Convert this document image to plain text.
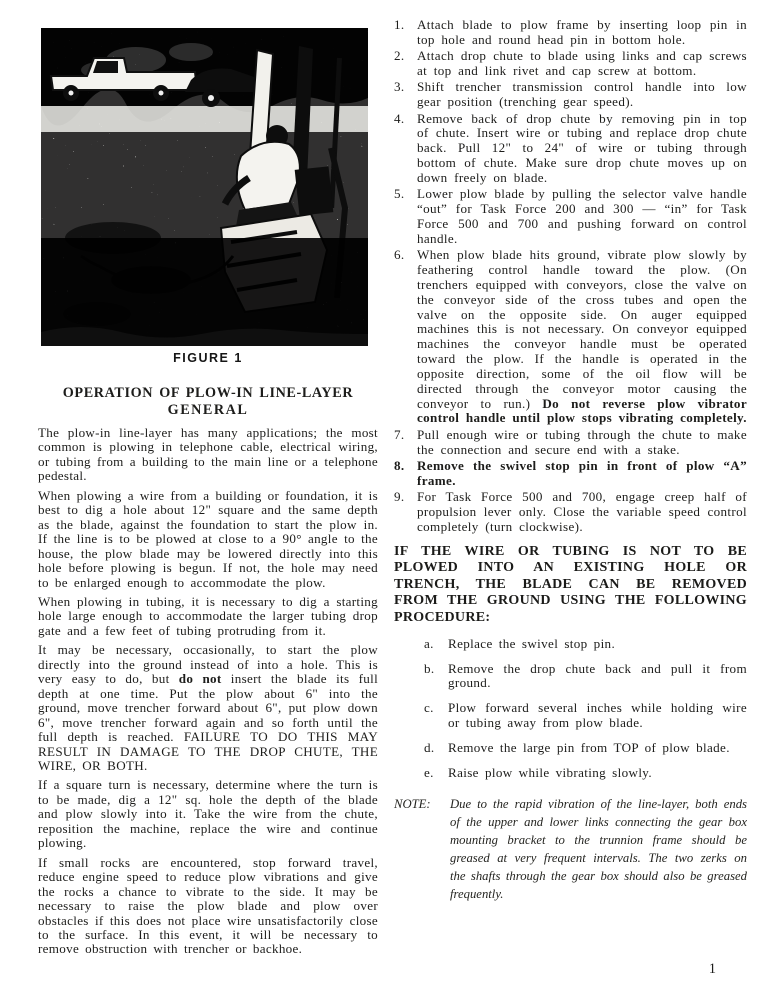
FIGURE 1
OPERATION OF PLOW-IN LINE-LAYER
GENERAL

The plow-in line-layer has many applications; the most common is plowing in telephone cable, electrical wiring, or tubing from a building to the main line or a telephone pedestal.

When plowing a wire from a building or foundation, it is best to dig a hole about 12" square and the same depth as the blade, against the foundation to start the plow in. If the line is to be plowed at close to a 90° angle to the house, the plow blade may be lowered directly into this hole before plowing is begun. If not, the hole may need to be enlarged enough to accommodate the plow.

When plowing in tubing, it is necessary to dig a starting hole large enough to accommodate the larger tubing drop gate and a few feet of tubing protruding from it.

It may be necessary, occasionally, to start the plow directly into the ground instead of into a hole. This is very easy to do, but do not insert the blade its full depth at one time. Put the plow about 6" into the ground, move trencher forward about 6", put plow down 6", move trencher forward again and so forth until the full depth is reached. FAILURE TO DO THIS MAY RESULT IN DAMAGE TO THE DROP CHUTE, THE WIRE, OR BOTH.

If a square turn is necessary, determine where the turn is to be made, dig a 12" sq. hole the depth of the blade and plow slowly into it. Take the wire from the chute, reposition the machine, replace the wire and continue plowing.

If small rocks are encountered, stop forward travel, reduce engine speed to reduce plow vibrations and give the rocks a chance to vibrate to the side. It may be necessary to raise the plow blade and plow over obstacles if this does not place wire unsatisfactorily close to the surface. In this event, it will be necessary to remove obstruction with trencher or backhoe.

1. Attach blade to plow frame by inserting loop pin in top hole and round head pin in bottom hole.
2. Attach drop chute to blade using links and cap screws at top and link rivet and cap screw at bottom.
3. Shift trencher transmission control handle into low gear position (trenching gear speed).
4. Remove back of drop chute by removing pin in top of chute. Insert wire or tubing and replace drop chute back. Pull 12" to 24" of wire or tubing through bottom of chute. Make sure drop chute moves up on down freely on blade.
5. Lower plow blade by pulling the selector valve handle “out” for Task Force 200 and 300 — “in” for Task Force 500 and 700 and pushing forward on control handle.
6. When plow blade hits ground, vibrate plow slowly by feathering control handle toward the plow. (On trenchers equipped with conveyors, close the valve on the conveyor side of the cross tubes and open the valve on the opposite side. On auger equipped machines this is not necessary. On conveyor equipped machines the conveyor handle must be operated toward the plow. If the handle is operated in the opposite direction, some of the oil flow will be directed through the conveyor motor causing the conveyor to run.) Do not reverse plow vibrator control handle until plow stops vibrating completely.
7. Pull enough wire or tubing through the chute to make the connection and secure end with a stake.
8. Remove the swivel stop pin in front of plow “A” frame.
9. For Task Force 500 and 700, engage creep half of propulsion lever only. Close the variable speed control completely (turn clockwise).
IF THE WIRE OR TUBING IS NOT TO BE PLOWED INTO AN EXISTING HOLE OR TRENCH, THE BLADE CAN BE REMOVED FROM THE GROUND USING THE FOLLOWING PROCEDURE:
a.	Replace the swivel stop pin.
b.	Remove the drop chute back and pull it from ground.
c.	Plow forward several inches while holding wire or tubing away from plow blade.
d.	Remove the large pin from TOP of plow blade.
e.	Raise plow while vibrating slowly.
NOTE:	Due to the rapid vibration of the line-layer, both ends of the upper and lower links connecting the gear box mounting bracket to the trunnion frame should be greased at very frequent intervals. The two zerks on the shafts through the gear box should also be greased frequently.
1
